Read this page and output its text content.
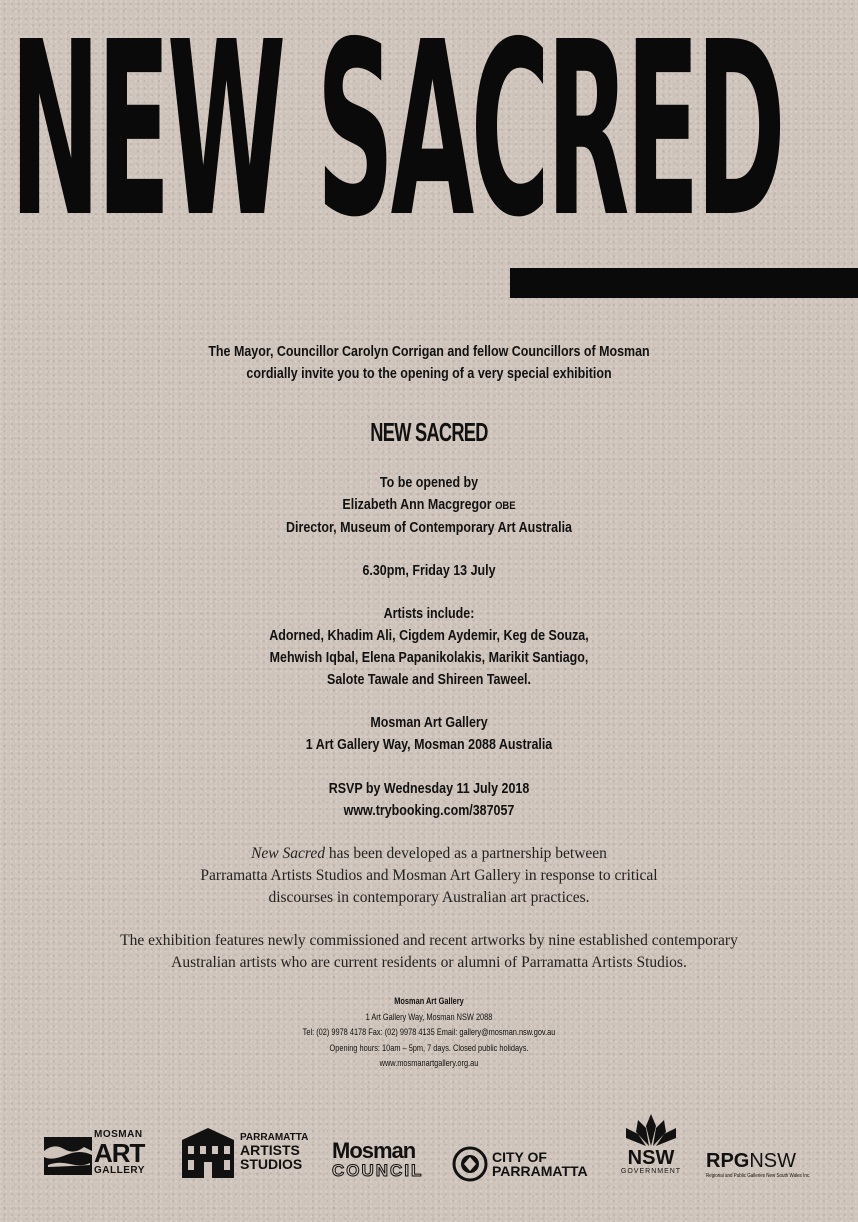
NEW SACRED
The Mayor, Councillor Carolyn Corrigan and fellow Councillors of Mosman
cordially invite you to the opening of a very special exhibition
NEW SACRED
To be opened by
Elizabeth Ann Macgregor OBE
Director, Museum of Contemporary Art Australia
6.30pm, Friday 13 July
Artists include:
Adorned, Khadim Ali, Cigdem Aydemir, Keg de Souza,
Mehwish Iqbal, Elena Papanikolakis, Marikit Santiago,
Salote Tawale and Shireen Taweel.
Mosman Art Gallery
1 Art Gallery Way, Mosman 2088 Australia
RSVP by Wednesday 11 July 2018
www.trybooking.com/387057
New Sacred has been developed as a partnership between
Parramatta Artists Studios and Mosman Art Gallery in response to critical
discourses in contemporary Australian art practices.
The exhibition features newly commissioned and recent artworks by nine established contemporary
Australian artists who are current residents or alumni of Parramatta Artists Studios.
Mosman Art Gallery
1 Art Gallery Way, Mosman NSW 2088
Tel: (02) 9978 4178 Fax: (02) 9978 4135 Email: gallery@mosman.nsw.gov.au
Opening hours: 10am – 5pm, 7 days. Closed public holidays.
www.mosmanartgallery.org.au
MOSMAN
ART
GALLERY
PARRAMATTA
ARTISTS
STUDIOS
Mosman
COUNCIL
CITY OF
PARRAMATTA
NSW
GOVERNMENT RPGNSW
Regional and Public Galleries New South Wales Inc.
